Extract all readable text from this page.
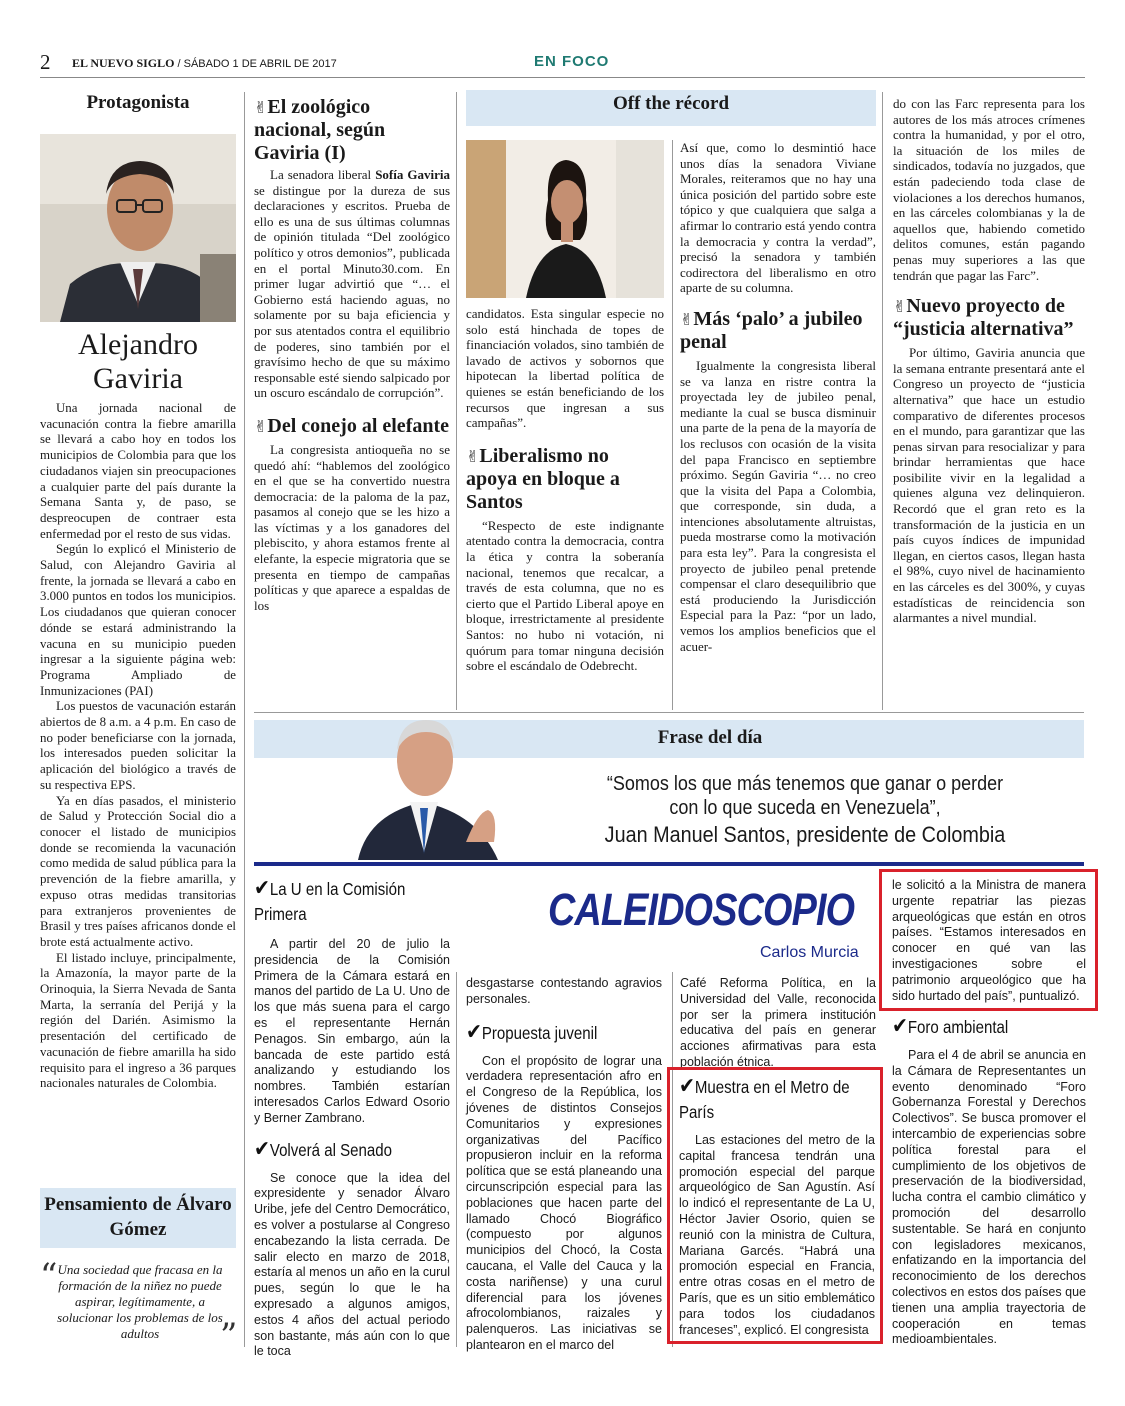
2 EL NUEVO SIGLO / SÁBADO 1 DE ABRIL DE 2017	EN FOCO
Protagonista
Alejandro Gaviria

Una jornada nacional de vacunación contra la fiebre amarilla se llevará a cabo hoy en todos los municipios de Colombia para que los ciudadanos viajen sin preocupaciones a cualquier parte del país durante la Semana Santa y, de paso, se despreocupen de contraer esta enfermedad por el resto de sus vidas.

Según lo explicó el Ministerio de Salud, con Alejandro Gaviria al frente, la jornada se llevará a cabo en 3.000 puntos en todos los municipios. Los ciudadanos que quieran conocer dónde se estará administrando la vacuna en su municipio pueden ingresar a la siguiente página web: Programa Ampliado de Inmunizaciones (PAI)

Los puestos de vacunación estarán abiertos de 8 a.m. a 4 p.m. En caso de no poder beneficiarse con la jornada, los interesados pueden solicitar la aplicación del biológico a través de su respectiva EPS.

Ya en días pasados, el ministerio de Salud y Protección Social dio a conocer el listado de municipios donde se recomienda la vacunación como medida de salud pública para la prevención de la fiebre amarilla, y expuso otras medidas transitorias para extranjeros provenientes de Brasil y tres países africanos donde el brote está actualmente activo.

El listado incluye, principalmente, la Amazonía, la mayor parte de la Orinoquia, la Sierra Nevada de Santa Marta, la serranía del Perijá y la región del Darién. Asimismo la presentación del certificado de vacunación de fiebre amarilla ha sido requisito para el ingreso a 36 parques nacionales naturales de Colombia.

Pensamiento de Álvaro Gómez
“ Una sociedad que fracasa en la formación de la niñez no puede aspirar, legítimamente, a solucionar los problemas de los adultos	”
✌El zoológico nacional, según Gaviria (I)

La senadora liberal Sofía Gaviria se distingue por la dureza de sus declaraciones y escritos. Prueba de ello es una de sus últimas columnas de opinión titulada “Del zoológico político y otros demonios”, publicada en el portal Minuto30.com. En primer lugar advirtió que “… el Gobierno está haciendo aguas, no solamente por su baja eficiencia y por sus atentados contra el equilibrio de poderes, sino también por el gravísimo hecho de que su máximo responsable esté siendo salpicado por un oscuro escándalo de corrupción”.

✌Del conejo al elefante

La congresista antioqueña no se quedó ahí: “hablemos del zoológico en el que se ha convertido nuestra democracia: de la paloma de la paz, pasamos al conejo que se les hizo a las víctimas y a los ganadores del plebiscito, y ahora estamos frente al elefante, la especie migratoria que se presenta en tiempo de campañas políticas y que aparece a espaldas de los

Off the récord

candidatos. Esta singular especie no solo está hinchada de topes de financiación volados, sino también de lavado de activos y sobornos que hipotecan la libertad política de quienes se están beneficiando de los recursos que ingresan a sus campañas”.

✌Liberalismo no apoya en bloque a Santos

“Respecto de este indignante atentado contra la democracia, contra la ética y contra la soberanía nacional, tenemos que recalcar, a través de esta columna, que no es cierto que el Partido Liberal apoye en bloque, irrestrictamente al presidente Santos: no hubo ni votación, ni quórum para tomar ninguna decisión sobre el escándalo de Odebrecht.

Así que, como lo desmintió hace unos días la senadora Viviane Morales, reiteramos que no hay una única posición del partido sobre este tópico y que cualquiera que salga a afirmar lo contrario está yendo contra la democracia y contra la verdad”, precisó la senadora y también codirectora del liberalismo en otro aparte de su columna.

✌Más ‘palo’ a jubileo penal

Igualmente la congresista liberal se va lanza en ristre contra la proyectada ley de jubileo penal, mediante la cual se busca disminuir una parte de la pena de la mayoría de los reclusos con ocasión de la visita del papa Francisco en septiembre próximo. Según Gaviria “… no creo que la visita del Papa a Colombia, que corresponde, sin duda, a intenciones absolutamente altruistas, pueda mostrarse como la motivación para esta ley”. Para la congresista el proyecto de jubileo penal pretende compensar el claro desequilibrio que está produciendo la Jurisdicción Especial para la Paz: “por un lado, vemos los amplios beneficios que el acuer-

do con las Farc representa para los autores de los más atroces crímenes contra la humanidad, y por el otro, la situación de los miles de sindicados, todavía no juzgados, que están padeciendo toda clase de violaciones a los derechos humanos, en las cárceles colombianas y la de aquellos que, habiendo cometido delitos comunes, están pagando penas muy superiores a las que tendrán que pagar las Farc”.

✌Nuevo proyecto de “justicia alternativa”

Por último, Gaviria anuncia que la semana entrante presentará ante el Congreso un proyecto de “justicia alternativa” que hace un estudio comparativo de diferentes procesos en el mundo, para garantizar que las penas sirvan para resocializar y para brindar herramientas que hace posibilite vivir en la legalidad a quienes alguna vez delinquieron. Recordó que el gran reto es la transformación de la justicia en un país cuyos índices de impunidad llegan, en ciertos casos, llegan hasta el 98%, cuyo nivel de hacinamiento en las cárceles es del 300%, y cuyas estadísticas de reincidencia son alarmantes a nivel mundial.

Frase del día
“Somos los que más tenemos que ganar o perder
con lo que suceda en Venezuela”,
Juan Manuel Santos, presidente de Colombia
CALEIDOSCOPIO
Carlos Murcia
✔La U en la Comisión Primera

A partir del 20 de julio la presidencia de la Comisión Primera de la Cámara estará en manos del partido de La U. Uno de los que más suena para el cargo es el representante Hernán Penagos. Sin embargo, aún la bancada de este partido está analizando y estudiando los nombres. También estarían interesados Carlos Edward Osorio y Berner Zambrano.

✔Volverá al Senado

Se conoce que la idea del expresidente y senador Álvaro Uribe, jefe del Centro Democrático, es volver a postularse al Congreso encabezando la lista cerrada. De salir electo en marzo de 2018, estaría al menos un año en la curul pues, según lo que le ha expresado a algunos amigos, estos 4 años del actual periodo son bastante, más aún con lo que le toca

desgastarse contestando agravios personales.

✔Propuesta juvenil

Con el propósito de lograr una verdadera representación afro en el Congreso de la República, los jóvenes de distintos Consejos Comunitarios y expresiones organizativas del Pacífico propusieron incluir en la reforma política que se está planeando una circunscripción especial para las poblaciones que hacen parte del llamado Chocó Biográfico (compuesto por algunos municipios del Chocó, la Costa caucana, el Valle del Cauca y la costa nariñense) y una curul diferencial para los jóvenes afrocolombianos, raizales y palenqueros. Las iniciativas se plantearon en el marco del

Café Reforma Política, en la Universidad del Valle, reconocida por ser la primera institución educativa del país en generar acciones afirmativas para esta población étnica.

✔Muestra en el Metro de París

Las estaciones del metro de la capital francesa tendrán una promoción especial del parque arqueológico de San Agustín. Así lo indicó el representante de La U, Héctor Javier Osorio, quien se reunió con la ministra de Cultura, Mariana Garcés. “Habrá una promoción especial en Francia, entre otras cosas en el metro de París, que es un sitio emblemático para todos los ciudadanos franceses”, explicó. El congresista

le solicitó a la Ministra de manera urgente repatriar las piezas arqueológicas que están en otros países. “Estamos interesados en conocer en qué van las investigaciones sobre el patrimonio arqueológico que ha sido hurtado del país”, puntualizó.

✔Foro ambiental

Para el 4 de abril se anuncia en la Cámara de Representantes un evento denominado “Foro Gobernanza Forestal y Derechos Colectivos”. Se busca promover el intercambio de experiencias sobre política forestal para el cumplimiento de los objetivos de preservación de la biodiversidad, lucha contra el cambio climático y promoción del desarrollo sustentable. Se hará en conjunto con legisladores mexicanos, enfatizando en la importancia del reconocimiento de los derechos colectivos en estos dos países que tienen una amplia trayectoria de cooperación en temas medioambientales.
